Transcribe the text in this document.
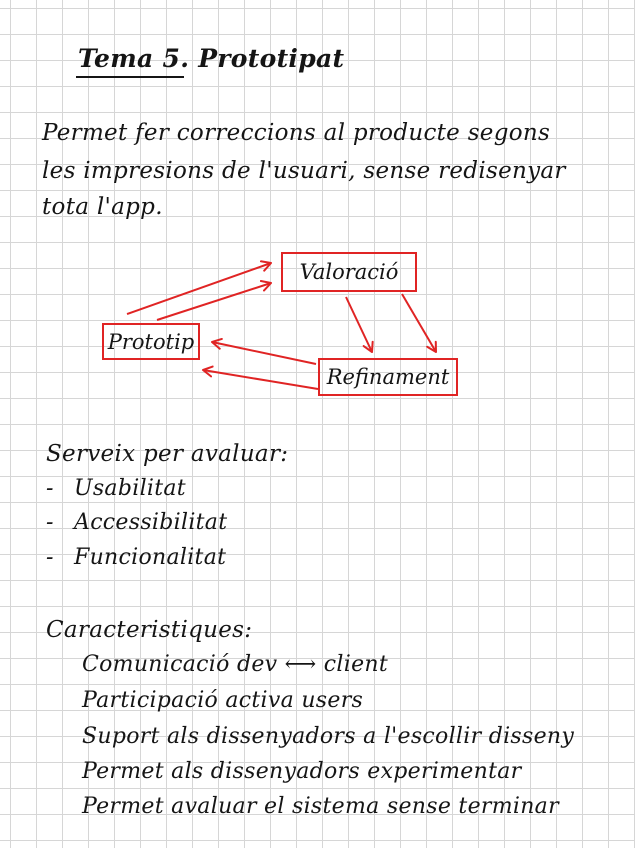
Tema 5. Prototipat

Permet fer correccions al producte segons

les impresions de l'usuari, sense redisenyar

tota l'app.

Valoració
Prototip
Refinament

Serveix per avaluar:

- Usabilitat

- Accessibilitat

- Funcionalitat

Caracteristiques:

Comunicació dev ⟷ client

Participació activa users

Suport als dissenyadors a l'escollir disseny

Permet als dissenyadors experimentar

Permet avaluar el sistema sense terminar
